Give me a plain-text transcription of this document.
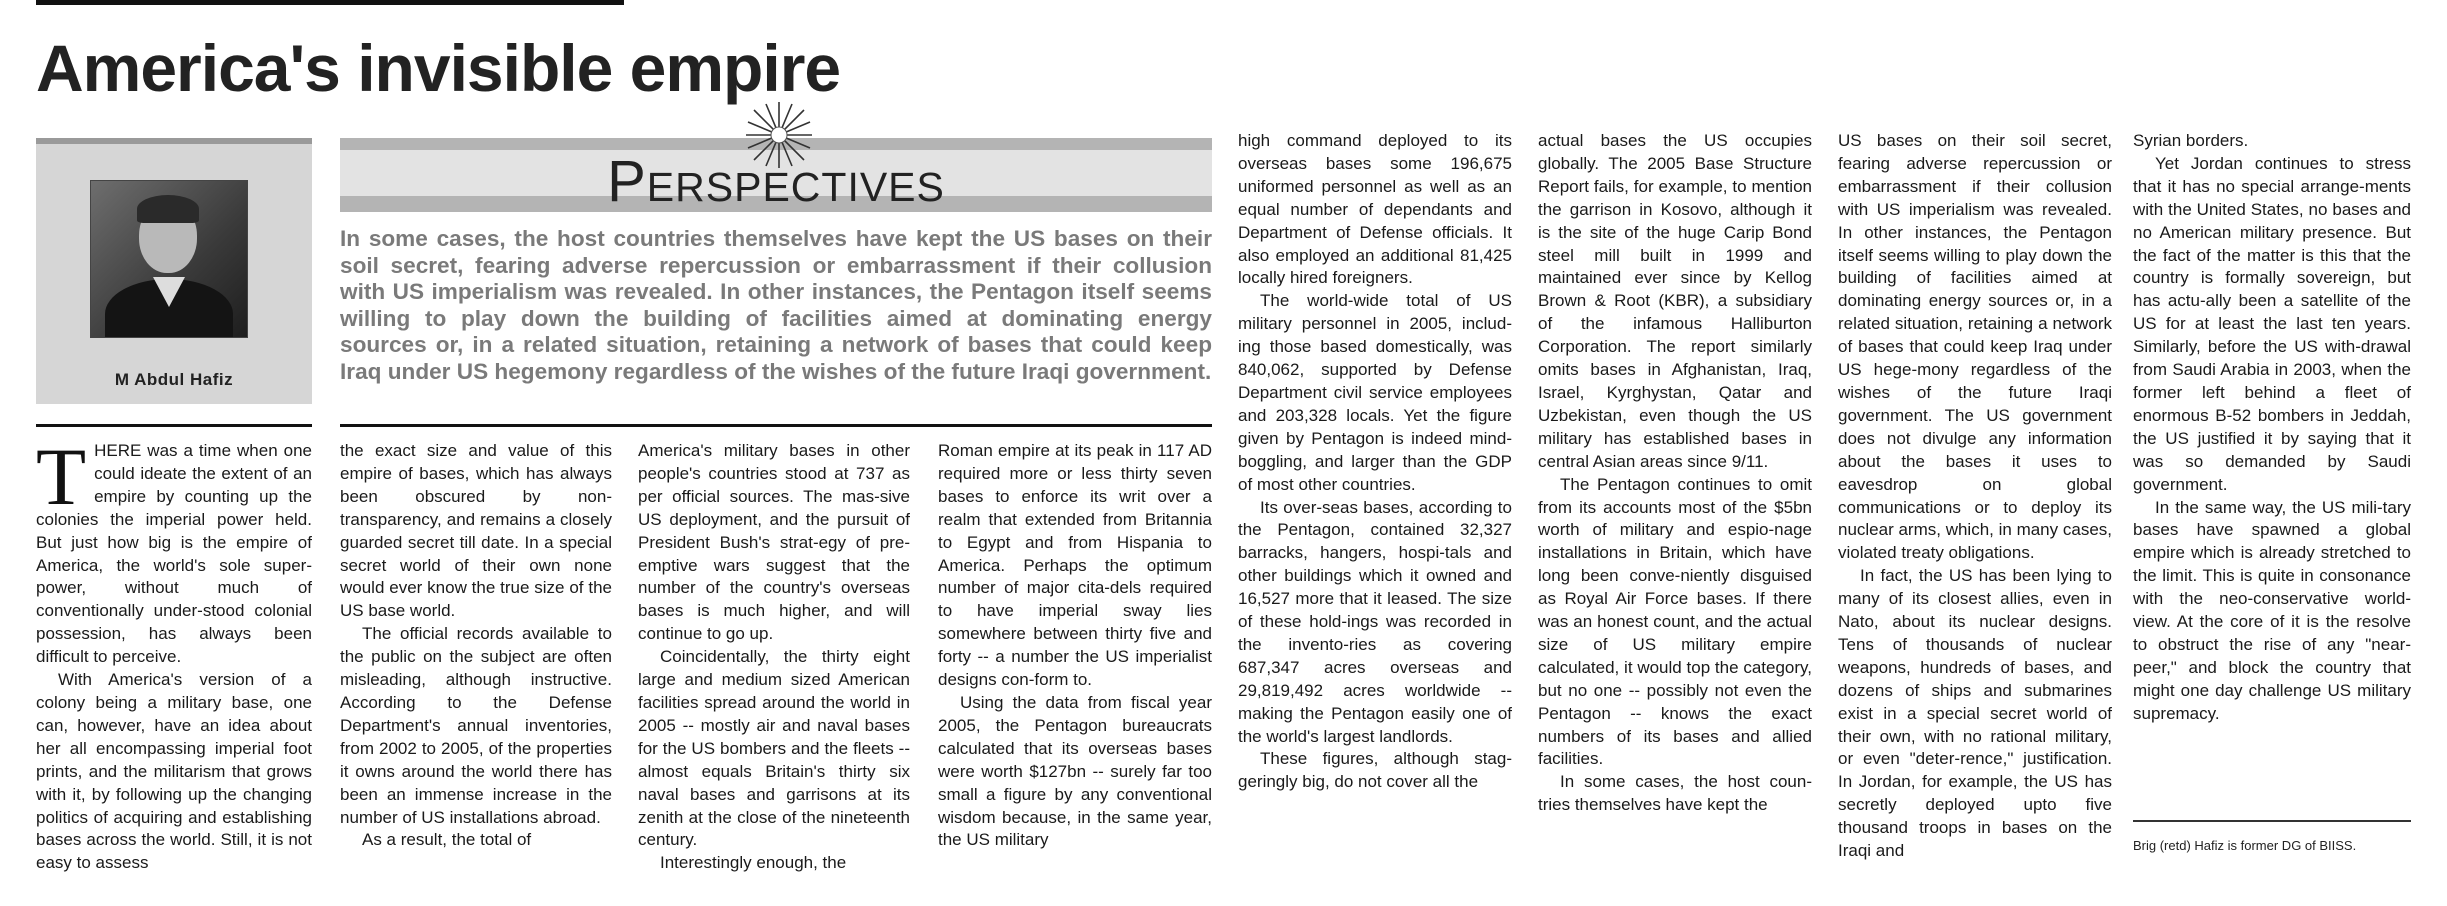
America's invisible empire
M Abdul Hafiz
Perspectives

In some cases, the host countries themselves have kept the US bases on their soil secret, fearing adverse repercussion or embarrassment if their collusion with US imperialism was revealed. In other instances, the Pentagon itself seems willing to play down the building of facilities aimed at dominating energy sources or, in a related situation, retaining a network of bases that could keep Iraq under US hegemony regardless of the wishes of the future Iraqi government.

THERE was a time when one could ideate the extent of an empire by counting up the colonies the imperial power held. But just how big is the empire of America, the world's sole super-power, without much of conventionally under-stood colonial possession, has always been difficult to perceive.

With America's version of a colony being a military base, one can, however, have an idea about her all encompassing imperial foot prints, and the militarism that grows with it, by following up the changing politics of acquiring and establishing bases across the world. Still, it is not easy to assess

the exact size and value of this empire of bases, which has always been obscured by non-transparency, and remains a closely guarded secret till date. In a special secret world of their own none would ever know the true size of the US base world.

The official records available to the public on the subject are often misleading, although instructive. According to the Defense Department's annual inventories, from 2002 to 2005, of the properties it owns around the world there has been an immense increase in the number of US installations abroad.

As a result, the total of

America's military bases in other people's countries stood at 737 as per official sources. The mas-sive US deployment, and the pursuit of President Bush's strat-egy of pre-emptive wars suggest that the number of the country's overseas bases is much higher, and will continue to go up.

Coincidentally, the thirty eight large and medium sized American facilities spread around the world in 2005 -- mostly air and naval bases for the US bombers and the fleets -- almost equals Britain's thirty six naval bases and garrisons at its zenith at the close of the nineteenth century.

Interestingly enough, the

Roman empire at its peak in 117 AD required more or less thirty seven bases to enforce its writ over a realm that extended from Britannia to Egypt and from Hispania to America. Perhaps the optimum number of major cita-dels required to have imperial sway lies somewhere between thirty five and forty -- a number the US imperialist designs con-form to.

Using the data from fiscal year 2005, the Pentagon bureaucrats calculated that its overseas bases were worth $127bn -- surely far too small a figure by any conventional wisdom because, in the same year, the US military

high command deployed to its overseas bases some 196,675 uniformed personnel as well as an equal number of dependants and Department of Defense officials. It also employed an additional 81,425 locally hired foreigners.

The world-wide total of US military personnel in 2005, includ-ing those based domestically, was 840,062, supported by Defense Department civil service employees and 203,328 locals. Yet the figure given by Pentagon is indeed mind-boggling, and larger than the GDP of most other countries.

Its over-seas bases, according to the Pentagon, contained 32,327 barracks, hangers, hospi-tals and other buildings which it owned and 16,527 more that it leased. The size of these hold-ings was recorded in the invento-ries as covering 687,347 acres overseas and 29,819,492 acres worldwide -- making the Pentagon easily one of the world's largest landlords.

These figures, although stag-geringly big, do not cover all the

actual bases the US occupies globally. The 2005 Base Structure Report fails, for example, to mention the garrison in Kosovo, although it is the site of the huge Carip Bond steel mill built in 1999 and maintained ever since by Kellog Brown & Root (KBR), a subsidiary of the infamous Halliburton Corporation. The report similarly omits bases in Afghanistan, Iraq, Israel, Kyrghystan, Qatar and Uzbekistan, even though the US military has established bases in central Asian areas since 9/11.

The Pentagon continues to omit from its accounts most of the $5bn worth of military and espio-nage installations in Britain, which have long been conve-niently disguised as Royal Air Force bases. If there was an honest count, and the actual size of US military empire calculated, it would top the category, but no one -- possibly not even the Pentagon -- knows the exact numbers of its bases and allied facilities.

In some cases, the host coun-tries themselves have kept the

US bases on their soil secret, fearing adverse repercussion or embarrassment if their collusion with US imperialism was revealed. In other instances, the Pentagon itself seems willing to play down the building of facilities aimed at dominating energy sources or, in a related situation, retaining a network of bases that could keep Iraq under US hege-mony regardless of the wishes of the future Iraqi government. The US government does not divulge any information about the bases it uses to eavesdrop on global communications or to deploy its nuclear arms, which, in many cases, violated treaty obligations.

In fact, the US has been lying to many of its closest allies, even in Nato, about its nuclear designs. Tens of thousands of nuclear weapons, hundreds of bases, and dozens of ships and submarines exist in a special secret world of their own, with no rational military, or even "deter-rence," justification. In Jordan, for example, the US has secretly deployed upto five thousand troops in bases on the Iraqi and

Syrian borders.

Yet Jordan continues to stress that it has no special arrange-ments with the United States, no bases and no American military presence. But the fact of the matter is this that the country is formally sovereign, but has actu-ally been a satellite of the US for at least the last ten years. Similarly, before the US with-drawal from Saudi Arabia in 2003, when the former left behind a fleet of enormous B-52 bombers in Jeddah, the US justified it by saying that it was so demanded by Saudi government.

In the same way, the US mili-tary bases have spawned a global empire which is already stretched to the limit. This is quite in consonance with the neo-conservative world-view. At the core of it is the resolve to obstruct the rise of any "near-peer," and block the country that might one day challenge US military supremacy.

Brig (retd) Hafiz is former DG of BIISS.
